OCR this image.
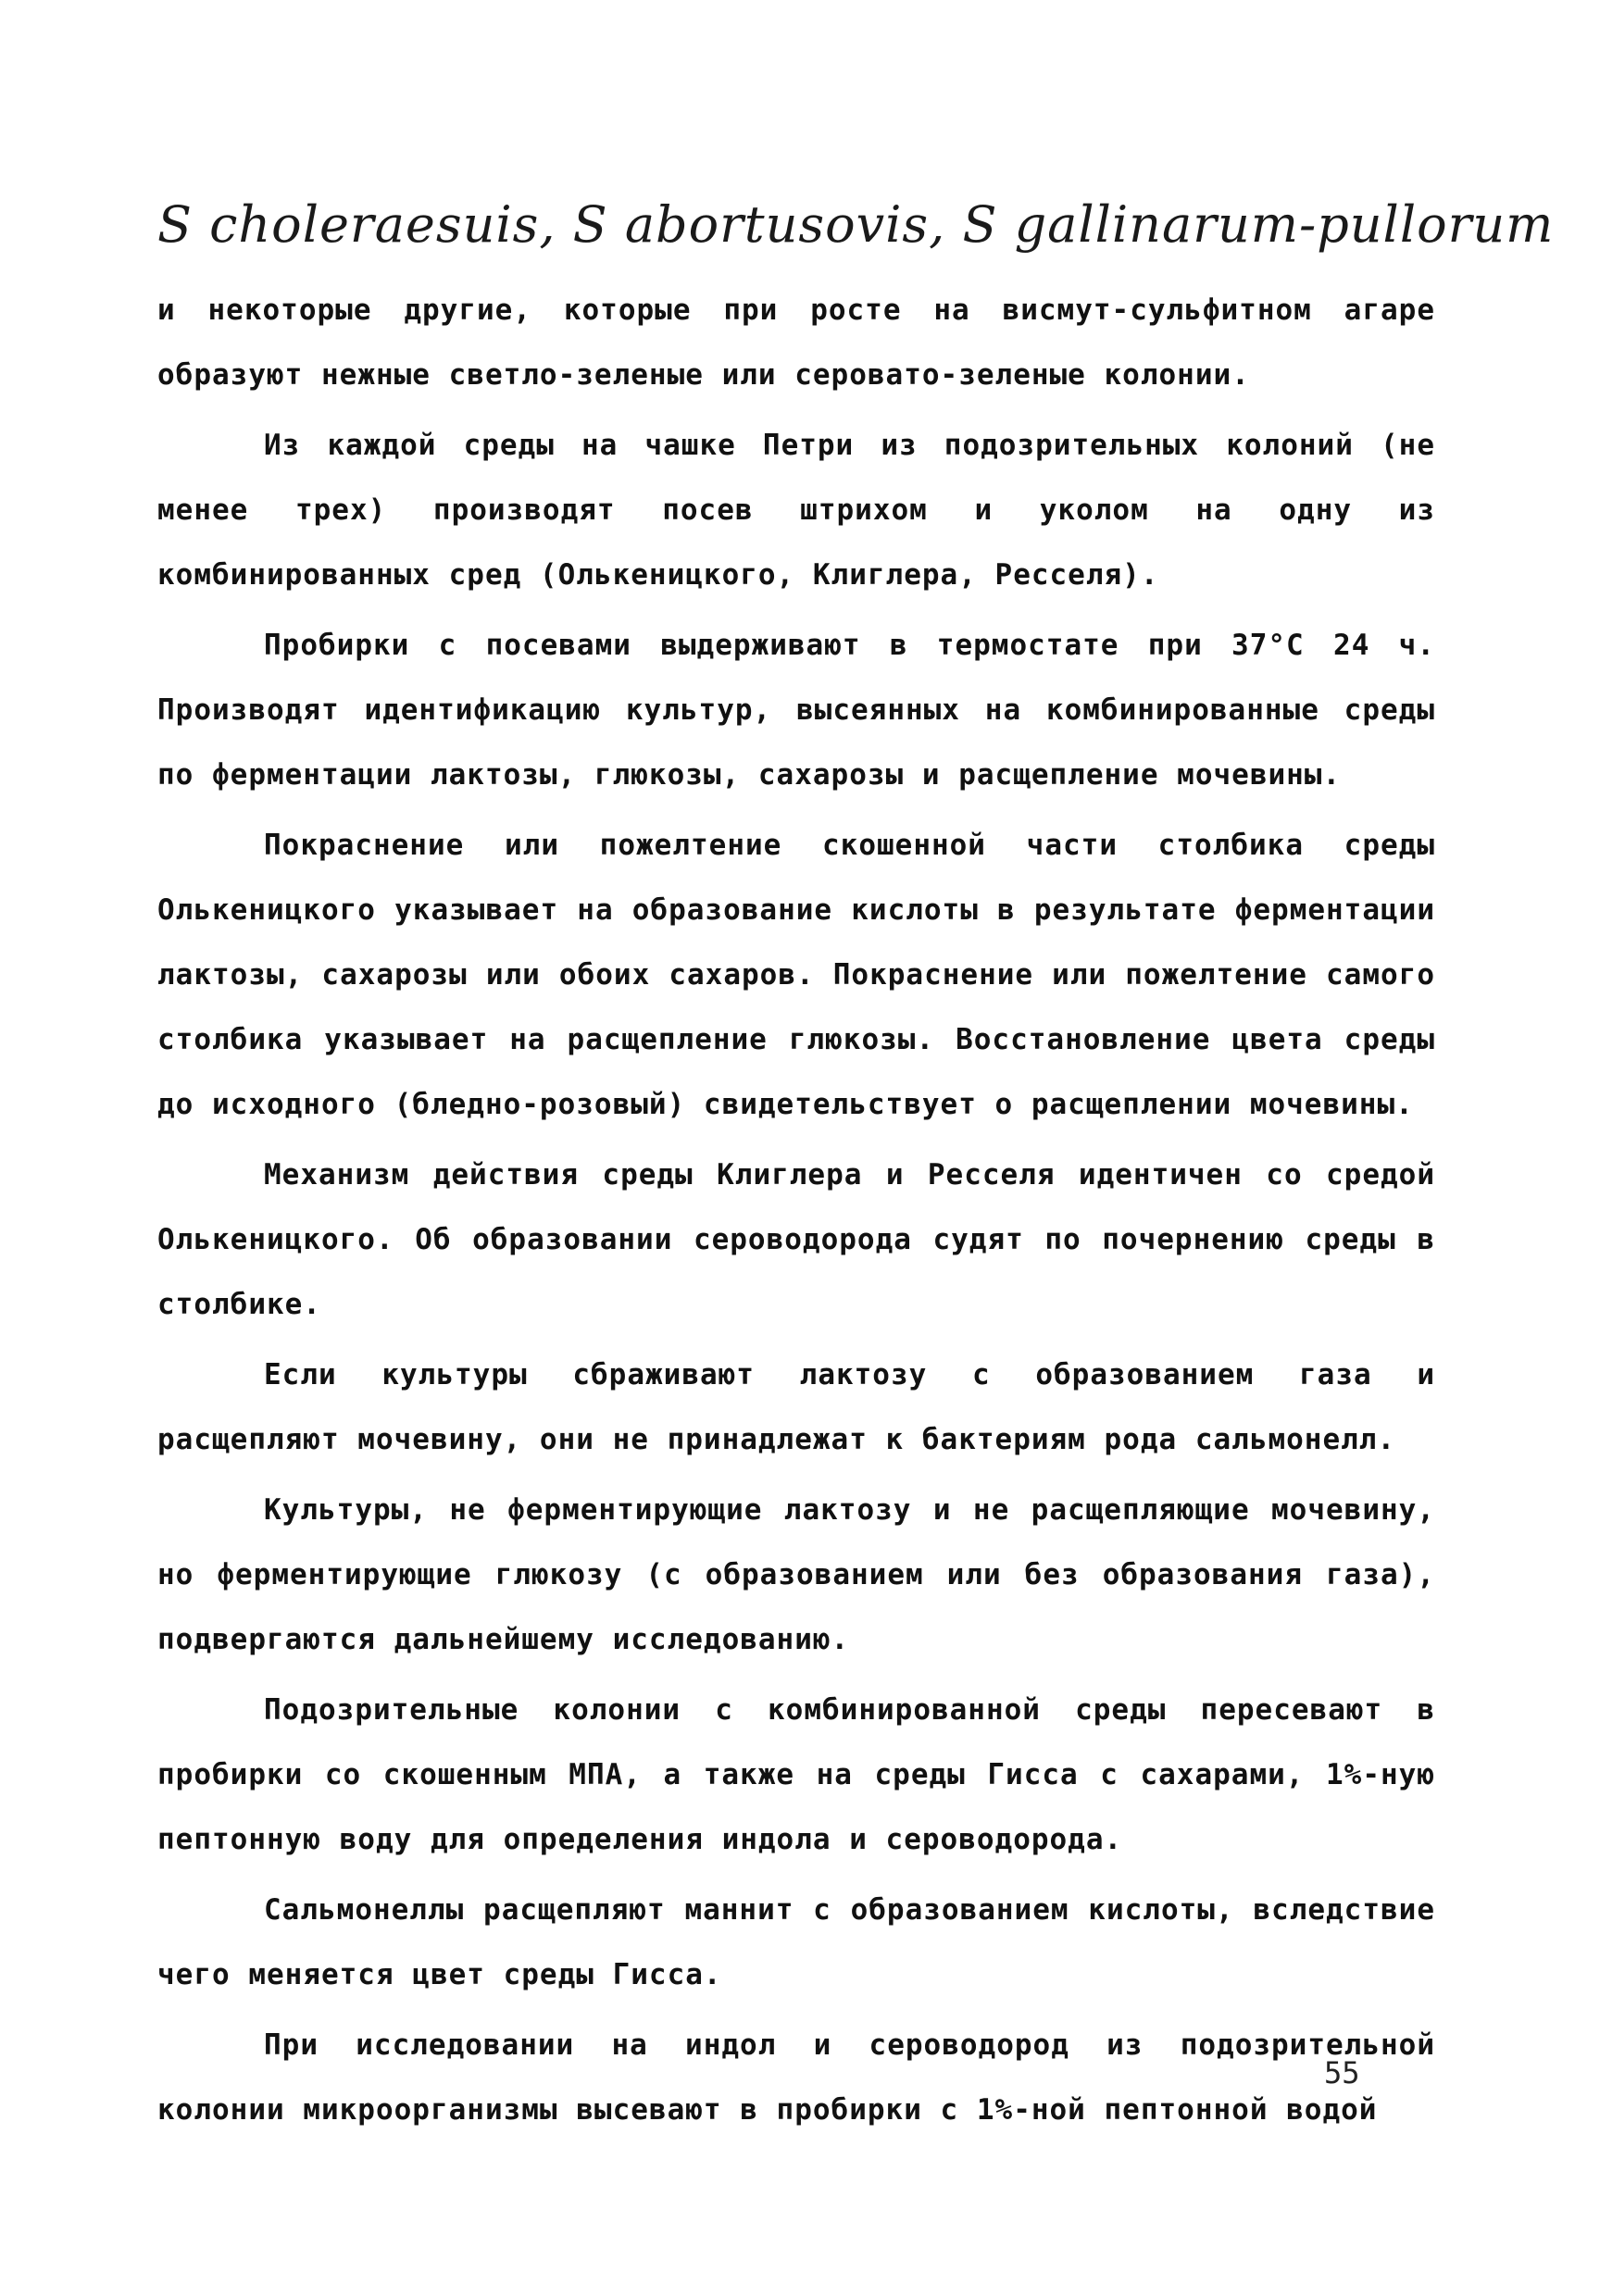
S choleraesuis, S abortusovis, S gallinarum-pullorum

и некоторые другие, которые при росте на висмут-сульфитном агаре образуют нежные светло-зеленые или серовато-зеленые колонии.

Из каждой среды на чашке Петри из подозрительных колоний (не менее трех) производят посев штрихом и уколом на одну из комбинированных сред (Олькеницкого, Клиглера, Ресселя).

Пробирки с посевами выдерживают в термостате при 37°С 24 ч. Производят идентификацию культур, высеянных на комбинированные среды по ферментации лактозы, глюкозы, сахарозы и расщепление мочевины.

Покраснение или пожелтение скошенной части столбика среды Олькеницкого указывает на образование кислоты в результате ферментации лактозы, сахарозы или обоих сахаров. Покраснение или пожелтение самого столбика указывает на расщепление глюкозы. Восстановление цвета среды до исходного (бледно-розовый) свидетельствует о расщеплении мочевины.

Механизм действия среды Клиглера и Ресселя идентичен со средой Олькеницкого. Об образовании сероводорода судят по почернению среды в столбике.

Если культуры сбраживают лактозу с образованием газа и расщепляют мочевину, они не принадлежат к бактериям рода сальмонелл.

Культуры, не ферментирующие лактозу и не расщепляющие мочевину, но ферментирующие глюкозу (с образованием или без образования газа), подвергаются дальнейшему исследованию.

Подозрительные колонии с комбинированной среды пересевают в пробирки со скошенным МПА, а также на среды Гисса с сахарами, 1%-ную пептонную воду для определения индола и сероводорода.

Сальмонеллы расщепляют маннит с образованием кислоты, вследствие чего меняется цвет среды Гисса.

При исследовании на индол и сероводород из подозрительной колонии микроорганизмы высевают в пробирки с 1%-ной пептонной водой

55
